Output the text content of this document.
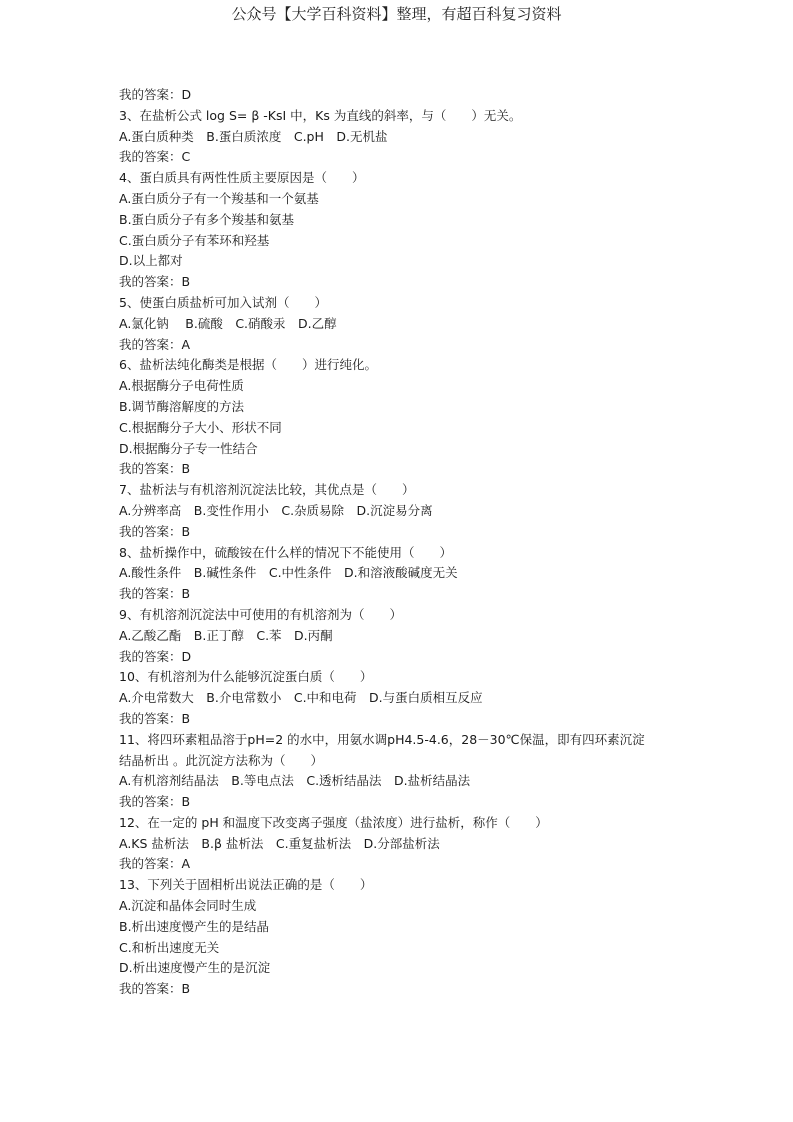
公众号【大学百科资料】整理，有超百科复习资料
我的答案：D
3、在盐析公式 log S= β -KsI 中，Ks 为直线的斜率，与（　　）无关。
A.蛋白质种类　B.蛋白质浓度　C.pH　D.无机盐
我的答案：C
4、蛋白质具有两性性质主要原因是（　　）
A.蛋白质分子有一个羧基和一个氨基
B.蛋白质分子有多个羧基和氨基
C.蛋白质分子有苯环和羟基
D.以上都对
我的答案：B
5、使蛋白质盐析可加入试剂（　　）
A.氯化钠　 B.硫酸　C.硝酸汞　D.乙醇
我的答案：A
6、盐析法纯化酶类是根据（　　）进行纯化。
A.根据酶分子电荷性质
B.调节酶溶解度的方法
C.根据酶分子大小、形状不同
D.根据酶分子专一性结合
我的答案：B
7、盐析法与有机溶剂沉淀法比较，其优点是（　　）
A.分辨率高　B.变性作用小　C.杂质易除　D.沉淀易分离
我的答案：B
8、盐析操作中，硫酸铵在什么样的情况下不能使用（　　）
A.酸性条件　B.碱性条件　C.中性条件　D.和溶液酸碱度无关
我的答案：B
9、有机溶剂沉淀法中可使用的有机溶剂为（　　）
A.乙酸乙酯　B.正丁醇　C.苯　D.丙酮
我的答案：D
10、有机溶剂为什么能够沉淀蛋白质（　　）
A.介电常数大　B.介电常数小　C.中和电荷　D.与蛋白质相互反应
我的答案：B
11、将四环素粗品溶于pH=2 的水中，用氨水调pH4.5-4.6，28－30℃保温，即有四环素沉淀
结晶析出 。此沉淀方法称为（　　）
A.有机溶剂结晶法　B.等电点法　C.透析结晶法　D.盐析结晶法
我的答案：B
12、在一定的 pH 和温度下改变离子强度（盐浓度）进行盐析，称作（　　）
A.KS 盐析法　B.β 盐析法　C.重复盐析法　D.分部盐析法
我的答案：A
13、下列关于固相析出说法正确的是（　　）
A.沉淀和晶体会同时生成
B.析出速度慢产生的是结晶
C.和析出速度无关
D.析出速度慢产生的是沉淀
我的答案：B
